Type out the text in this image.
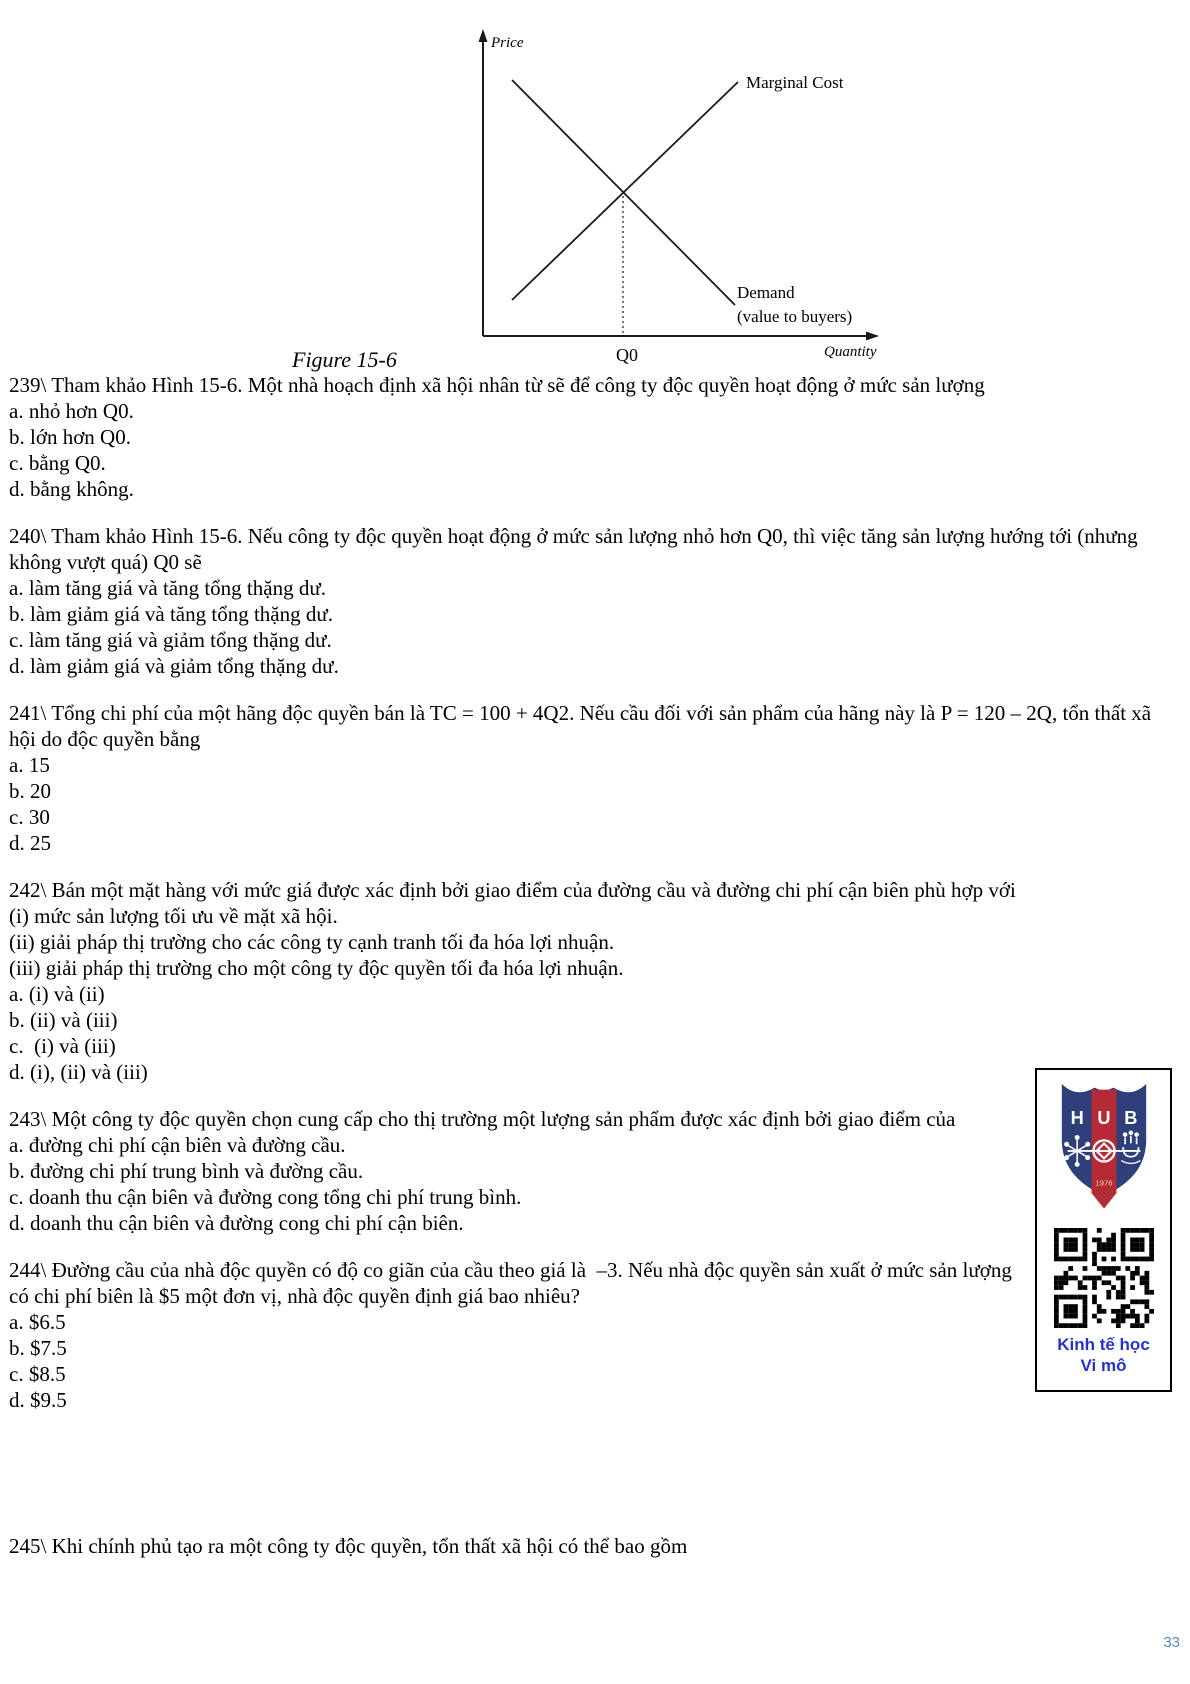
Price
Marginal Cost
Demand
(value to buyers)
Q0	Quantity
Figure 15-6
239\ Tham khảo Hình 15-6. Một nhà hoạch định xã hội nhân từ sẽ để công ty độc quyền hoạt động ở mức sản lượng
a. nhỏ hơn Q0.
b. lớn hơn Q0.
c. bằng Q0.
d. bằng không.
240\ Tham khảo Hình 15-6. Nếu công ty độc quyền hoạt động ở mức sản lượng nhỏ hơn Q0, thì việc tăng sản lượng hướng tới (nhưng không vượt quá) Q0 sẽ
a. làm tăng giá và tăng tổng thặng dư.
b. làm giảm giá và tăng tổng thặng dư.
c. làm tăng giá và giảm tổng thặng dư.
d. làm giảm giá và giảm tổng thặng dư.
241\ Tổng chi phí của một hãng độc quyền bán là TC = 100 + 4Q2. Nếu cầu đối với sản phẩm của hãng này là P = 120 – 2Q, tổn thất xã hội do độc quyền bằng
a. 15
b. 20
c. 30
d. 25
242\ Bán một mặt hàng với mức giá được xác định bởi giao điểm của đường cầu và đường chi phí cận biên phù hợp với
(i) mức sản lượng tối ưu về mặt xã hội.
(ii) giải pháp thị trường cho các công ty cạnh tranh tối đa hóa lợi nhuận.
(iii) giải pháp thị trường cho một công ty độc quyền tối đa hóa lợi nhuận.
a. (i) và (ii)
b. (ii) và (iii)
c.  (i) và (iii)
d. (i), (ii) và (iii)
243\ Một công ty độc quyền chọn cung cấp cho thị trường một lượng sản phẩm được xác định bởi giao điểm của
a. đường chi phí cận biên và đường cầu.
b. đường chi phí trung bình và đường cầu.
c. doanh thu cận biên và đường cong tổng chi phí trung bình.
d. doanh thu cận biên và đường cong chi phí cận biên.
244\ Đường cầu của nhà độc quyền có độ co giãn của cầu theo giá là  –3. Nếu nhà độc quyền sản xuất ở mức sản lượng có chi phí biên là $5 một đơn vị, nhà độc quyền định giá bao nhiêu?
a. $6.5
b. $7.5
c. $8.5
d. $9.5
245\ Khi chính phủ tạo ra một công ty độc quyền, tổn thất xã hội có thể bao gồm
H U B
1976
Kinh tế học
Vi mô
33
